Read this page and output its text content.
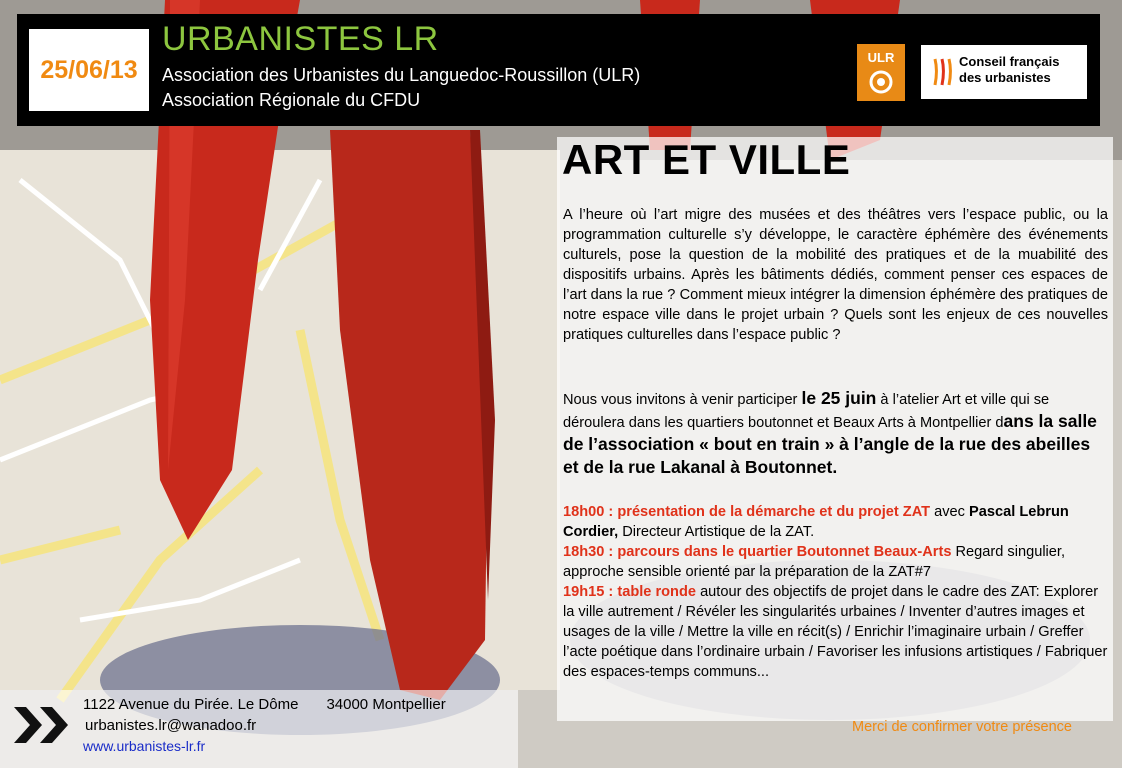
25/06/13
URBANISTES LR
Association des Urbanistes du Languedoc-Roussillon (ULR)
Association Régionale du CFDU
ULR	Conseil français des urbanistes
ART ET VILLE
A l’heure où l’art migre des musées et des théâtres vers l’espace public, ou la programmation culturelle s’y développe, le caractère éphémère des événements culturels, pose la question de la mobilité des pratiques et de la muabilité des dispositifs urbains. Après les bâtiments dédiés, comment penser ces espaces de l’art dans la rue ? Comment mieux intégrer la dimension éphémère des pratiques de notre espace ville dans le projet urbain ? Quels sont les enjeux de ces nouvelles pratiques culturelles dans l’espace public ?
Nous vous invitons à venir participer le 25 juin à l’atelier Art et ville qui se déroulera dans les quartiers boutonnet et Beaux Arts à Montpellier dans la salle de l’association « bout en train » à l’angle de la rue des abeilles et de la rue Lakanal à Boutonnet.
18h00 : présentation de la démarche et du projet ZAT avec Pascal Lebrun Cordier, Directeur Artistique de la ZAT.
18h30 : parcours dans le quartier Boutonnet Beaux-Arts Regard singulier, approche sensible orienté par la préparation de la ZAT#7
19h15 : table ronde autour des objectifs de projet dans le cadre des ZAT: Explorer la ville autrement / Révéler les singularités urbaines / Inventer d’autres images et usages de la ville / Mettre la ville en récit(s) / Enrichir l’imaginaire urbain / Greffer l’acte poétique dans l’ordinaire urbain / Favoriser les infusions artistiques / Fabriquer des espaces-temps communs...
1122 Avenue du Pirée. Le Dôme 34000 Montpellier
urbanistes.lr@wanadoo.fr
www.urbanistes-lr.fr
Merci de confirmer votre présence
